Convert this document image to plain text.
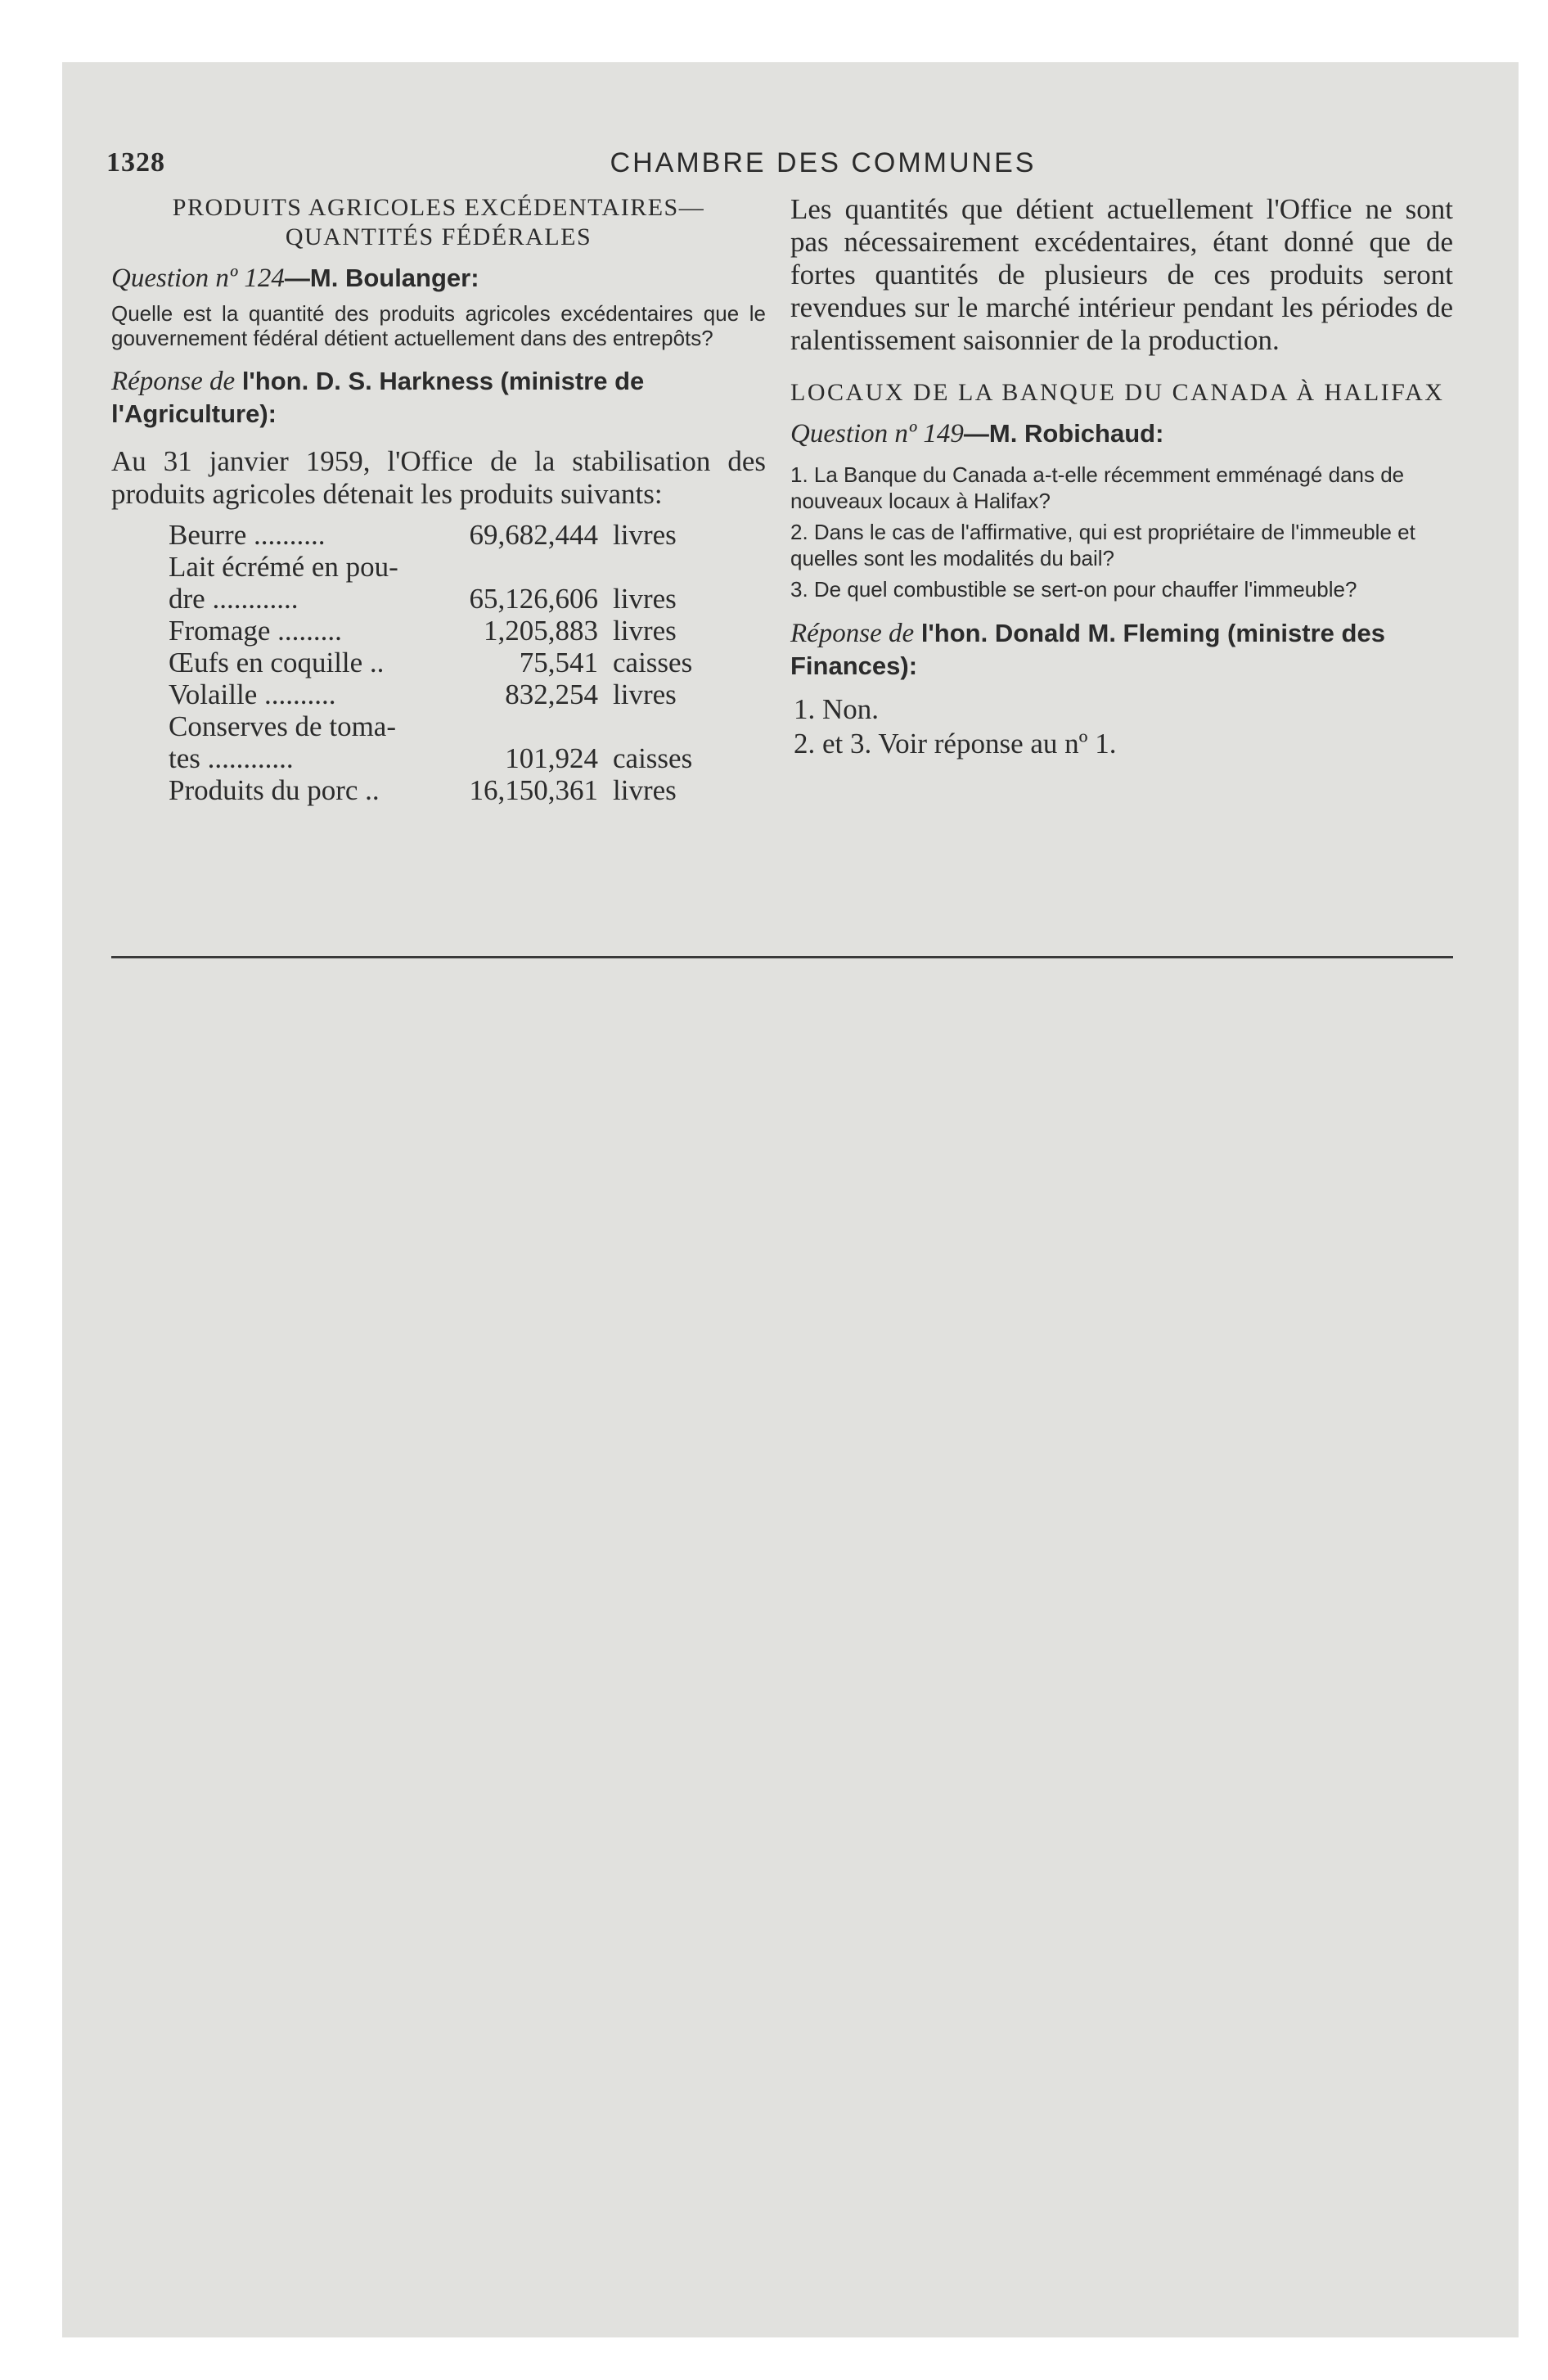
1328	CHAMBRE DES COMMUNES
PRODUITS AGRICOLES EXCÉDENTAIRES—
QUANTITÉS FÉDÉRALES
Question nº 124—M. Boulanger:
Quelle est la quantité des produits agricoles excédentaires que le gouvernement fédéral détient actuellement dans des entrepôts?
Réponse de l'hon. D. S. Harkness (ministre de l'Agriculture):
Au 31 janvier 1959, l'Office de la stabilisation des produits agricoles détenait les produits suivants:
Beurre ..........	69,682,444 livres
Lait écrémé en pou-
dre ............	65,126,606 livres
Fromage .........	1,205,883 livres
Œufs en coquille ..	75,541 caisses
Volaille ..........	832,254 livres
Conserves de toma-
tes ............	101,924 caisses
Produits du porc ..	16,150,361 livres
Les quantités que détient actuellement l'Office ne sont pas nécessairement excédentaires, étant donné que de fortes quantités de plusieurs de ces produits seront revendues sur le marché intérieur pendant les périodes de ralentissement saisonnier de la production.
LOCAUX DE LA BANQUE DU CANADA À HALIFAX
Question nº 149—M. Robichaud:
1. La Banque du Canada a-t-elle récemment emménagé dans de nouveaux locaux à Halifax?
2. Dans le cas de l'affirmative, qui est propriétaire de l'immeuble et quelles sont les modalités du bail?
3. De quel combustible se sert-on pour chauffer l'immeuble?
Réponse de l'hon. Donald M. Fleming (ministre des Finances):
1. Non.
2. et 3. Voir réponse au nº 1.
